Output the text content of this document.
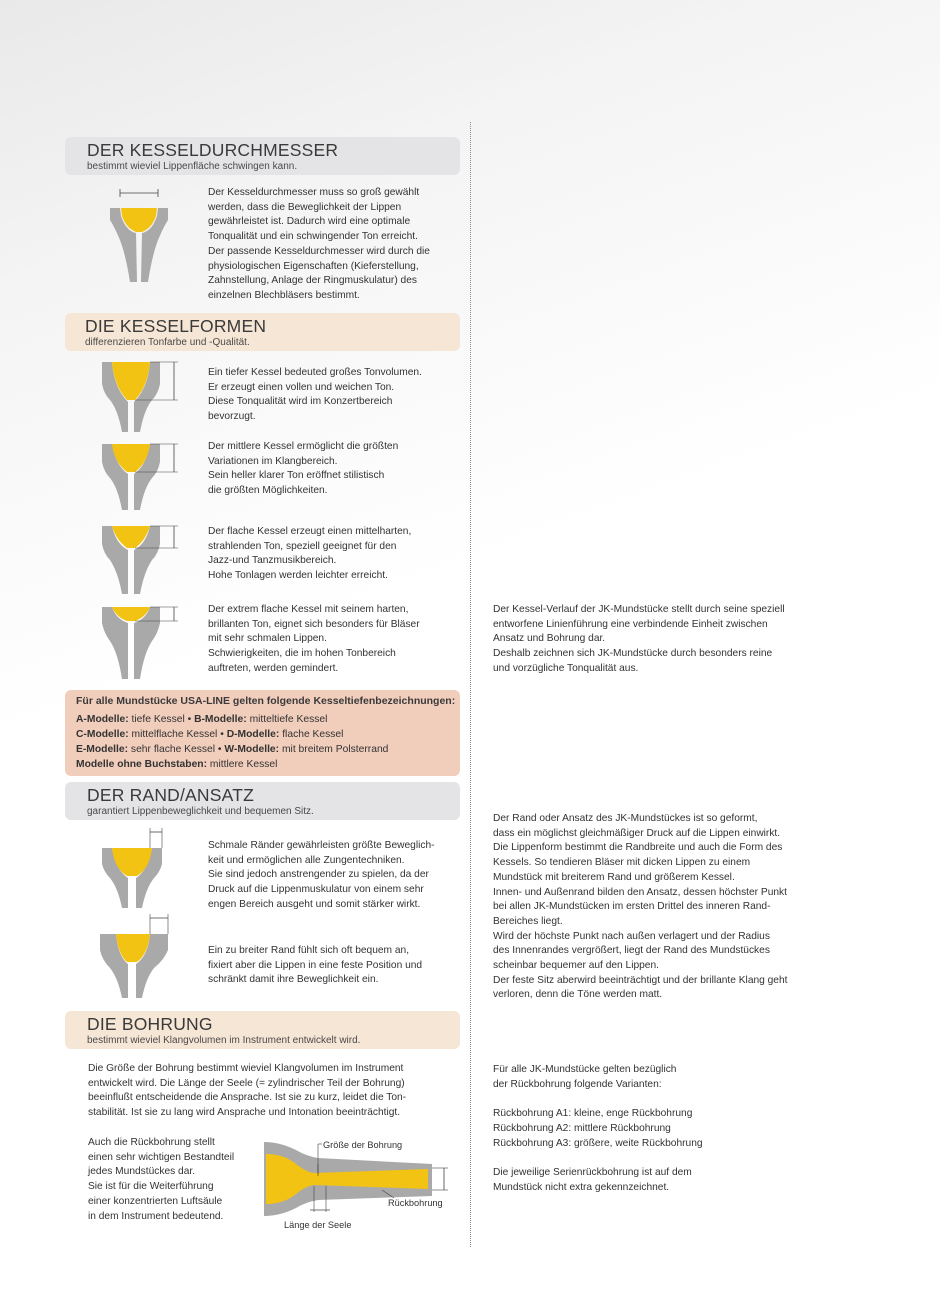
DER KESSELDURCHMESSER
bestimmt wieviel Lippenfläche schwingen kann.
Der Kesseldurchmesser muss so groß gewählt
werden, dass die Beweglichkeit der Lippen
gewährleistet ist. Dadurch wird eine optimale
Tonqualität und ein schwingender Ton erreicht.
Der passende Kesseldurchmesser wird durch die
physiologischen Eigenschaften (Kieferstellung,
Zahnstellung, Anlage der Ringmuskulatur) des
einzelnen Blechbläsers bestimmt.
DIE KESSELFORMEN
differenzieren Tonfarbe und -Qualität.
Ein tiefer Kessel bedeuted großes Tonvolumen.
Er erzeugt einen vollen und weichen Ton.
Diese Tonqualität wird im Konzertbereich
bevorzugt.
Der mittlere Kessel ermöglicht die größten
Variationen im Klangbereich.
Sein heller klarer Ton eröffnet stilistisch
die größten Möglichkeiten.
Der flache Kessel erzeugt einen mittelharten,
strahlenden Ton, speziell geeignet für den
Jazz-und Tanzmusikbereich.
Hohe Tonlagen werden leichter erreicht.
Der extrem flache Kessel mit seinem harten,
brillanten Ton, eignet sich besonders für Bläser
mit sehr schmalen Lippen.
Schwierigkeiten, die im hohen Tonbereich
auftreten, werden gemindert.
Der Kessel-Verlauf der JK-Mundstücke stellt durch seine speziell
entworfene Linienführung eine verbindende Einheit zwischen
Ansatz und Bohrung dar.
Deshalb zeichnen sich JK-Mundstücke durch besonders reine
und vorzügliche Tonqualität aus.
Für alle Mundstücke USA-LINE gelten folgende Kesseltiefenbezeichnungen:
A-Modelle: tiefe Kessel • B-Modelle: mitteltiefe Kessel
C-Modelle: mittelflache Kessel • D-Modelle: flache Kessel
E-Modelle: sehr flache Kessel • W-Modelle: mit breitem Polsterrand
Modelle ohne Buchstaben: mittlere Kessel
DER RAND/ANSATZ
garantiert Lippenbeweglichkeit und bequemen Sitz.
Schmale Ränder gewährleisten größte Beweglich-
keit und ermöglichen alle Zungentechniken.
Sie sind jedoch anstrengender zu spielen, da der
Druck auf die Lippenmuskulatur von einem sehr
engen Bereich ausgeht und somit stärker wirkt.
Ein zu breiter Rand fühlt sich oft bequem an,
fixiert aber die Lippen in eine feste Position und
schränkt damit ihre Beweglichkeit ein.
Der Rand oder Ansatz des JK-Mundstückes ist so geformt,
dass ein möglichst gleichmäßiger Druck auf die Lippen einwirkt.
Die Lippenform bestimmt die Randbreite und auch die Form des
Kessels. So tendieren Bläser mit dicken Lippen zu einem
Mundstück mit breiterem Rand und größerem Kessel.
Innen- und Außenrand bilden den Ansatz, dessen höchster Punkt
bei allen JK-Mundstücken im ersten Drittel des inneren Rand-
Bereiches liegt.
Wird der höchste Punkt nach außen verlagert und der Radius
des Innenrandes vergrößert, liegt der Rand des Mundstückes
scheinbar bequemer auf den Lippen.
Der feste Sitz aberwird beeinträchtigt und der brillante Klang geht
verloren, denn die Töne werden matt.
DIE BOHRUNG
bestimmt wieviel Klangvolumen im Instrument entwickelt wird.
Die Größe der Bohrung bestimmt wieviel Klangvolumen im Instrument
entwickelt wird. Die Länge der Seele (= zylindrischer Teil der Bohrung)
beeinflußt entscheidende die Ansprache. Ist sie zu kurz, leidet die Ton-
stabilität. Ist sie zu lang wird Ansprache und Intonation beeinträchtigt.
Auch die Rückbohrung stellt
einen sehr wichtigen Bestandteil
jedes Mundstückes dar.
Sie ist für die Weiterführung
einer konzentrierten Luftsäule
in dem Instrument bedeutend.
Größe der Bohrung
Rückbohrung
Länge der Seele
Für alle JK-Mundstücke gelten bezüglich
der Rückbohrung folgende Varianten:

Rückbohrung A1: kleine, enge Rückbohrung
Rückbohrung A2: mittlere Rückbohrung
Rückbohrung A3: größere, weite Rückbohrung

Die jeweilige Serienrückbohrung ist auf dem
Mundstück nicht extra gekennzeichnet.
